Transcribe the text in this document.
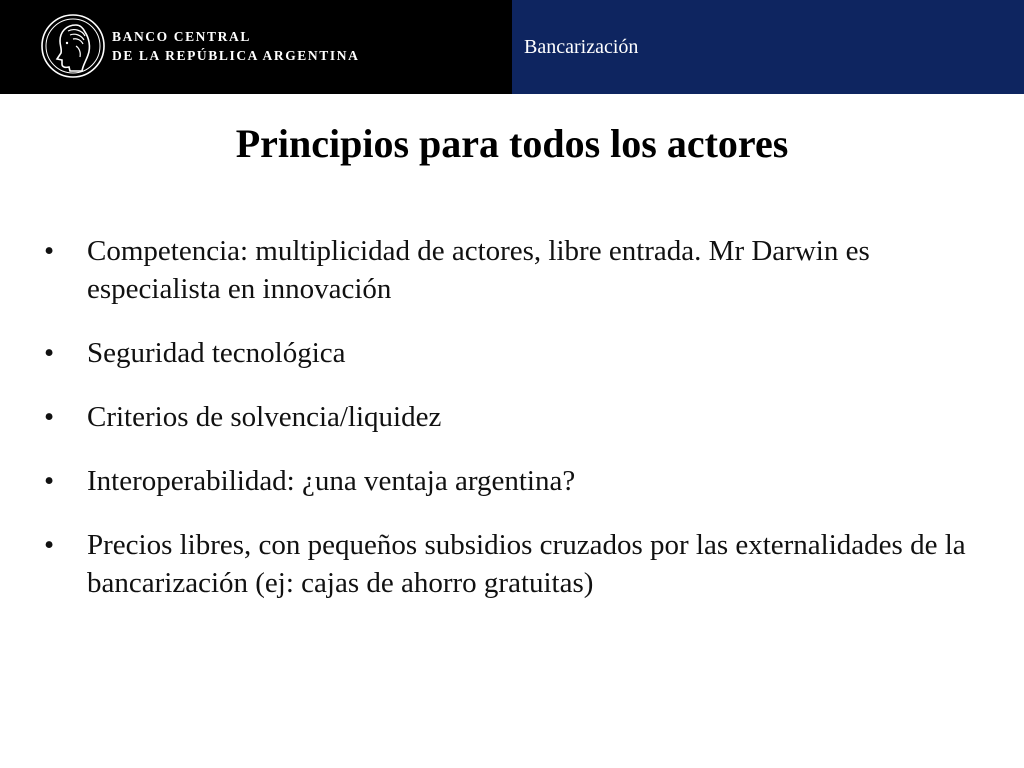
BANCO CENTRAL
DE LA REPÚBLICA ARGENTINA	Bancarización
Principios para todos los actores
• Competencia: multiplicidad de actores, libre entrada. Mr Darwin es especialista en innovación
• Seguridad tecnológica
• Criterios de solvencia/liquidez
• Interoperabilidad: ¿una ventaja argentina?
• Precios libres, con pequeños subsidios cruzados por las externalidades de la bancarización (ej: cajas de ahorro gratuitas)
